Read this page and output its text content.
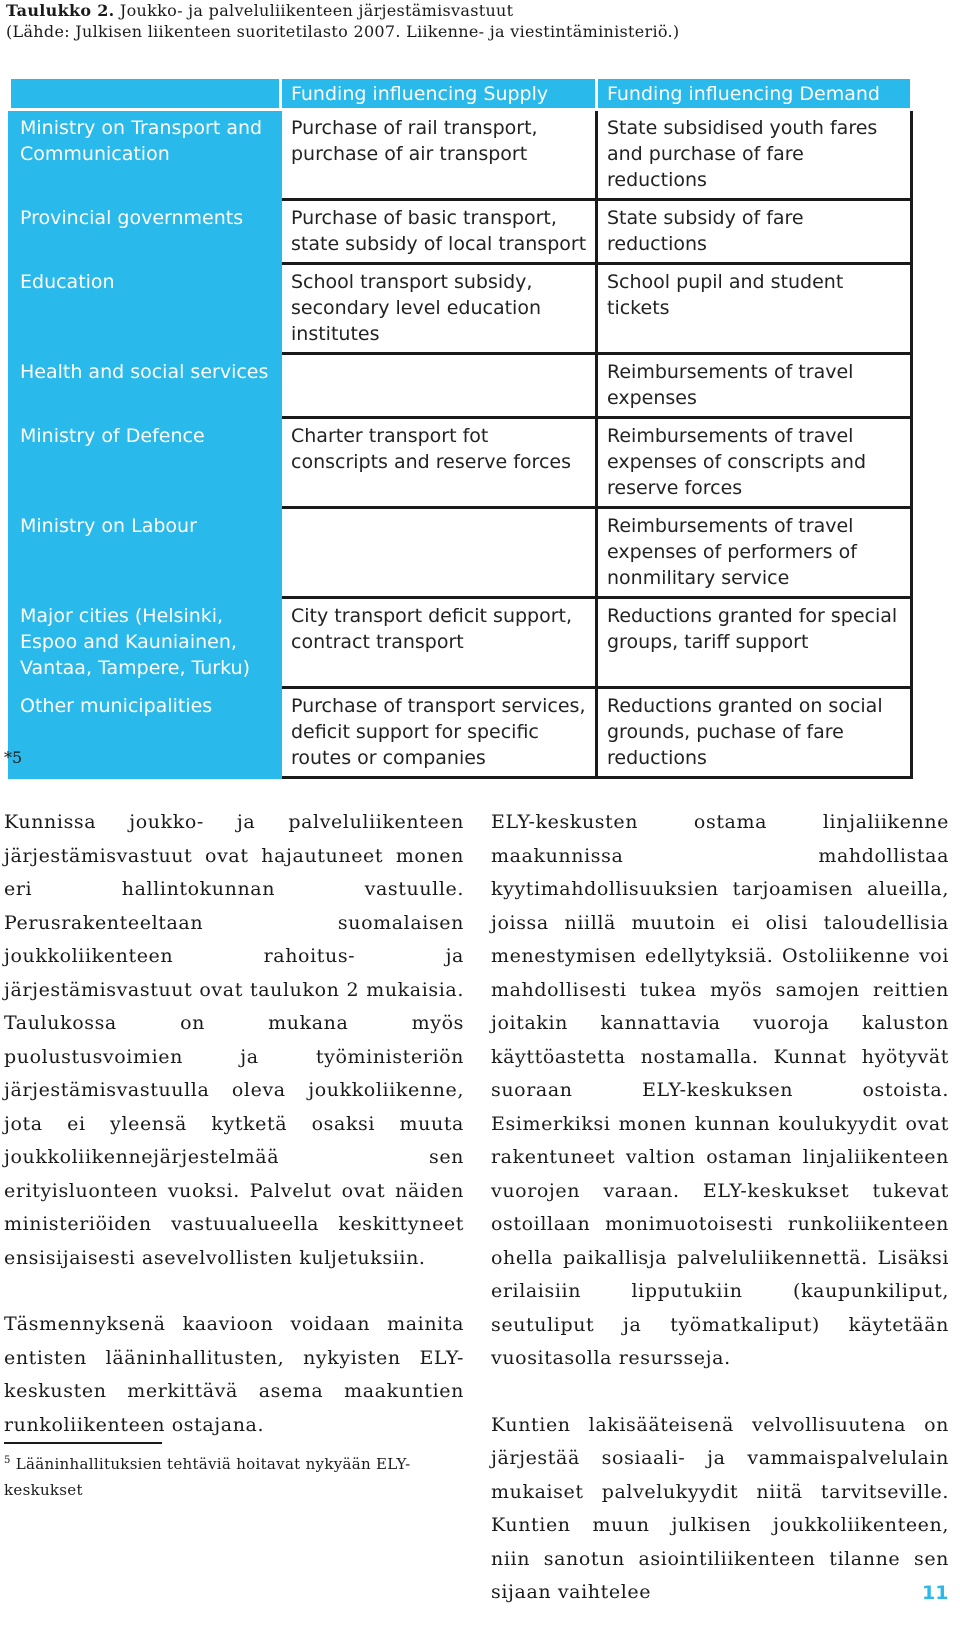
Taulukko 2. Joukko- ja palveluliikenteen järjestämisvastuut
(Lähde: Julkisen liikenteen suoritetilasto 2007. Liikenne- ja viestintäministeriö.)
	Funding influencing Supply	Funding influencing Demand
Ministry on Transport and Communication	Purchase of rail transport, purchase of air transport	State subsidised youth fares and purchase of fare reductions
Provincial governments	Purchase of basic transport, state subsidy of local transport	State subsidy of fare reductions
Education	School transport subsidy, secondary level education institutes	School pupil and student tickets
Health and social services		Reimbursements of travel expenses
Ministry of Defence	Charter transport fot conscripts and reserve forces	Reimbursements of travel expenses of conscripts and reserve forces
Ministry on Labour		Reimbursements of travel expenses of performers of nonmilitary service
Major cities (Helsinki, Espoo and Kauniainen, Vantaa, Tampere, Turku)	City transport deficit support, contract transport	Reductions granted for special groups, tariff support
Other municipalities	Purchase of transport services, deficit support for specific routes or companies	Reductions granted on social grounds, puchase of fare reductions
*5

Kunnissa joukko- ja palveluliikenteen järjestämisvastuut ovat hajautuneet monen eri hallintokunnan vastuulle. Perusrakenteeltaan suomalaisen joukkoliikenteen rahoitus- ja järjestämisvastuut ovat taulukon 2 mukaisia. Taulukossa on mukana myös puolustusvoimien ja työministeriön järjestämisvastuulla oleva joukkoliikenne, jota ei yleensä kytketä osaksi muuta joukkoliikennejärjestelmää sen erityisluonteen vuoksi. Palvelut ovat näiden ministeriöiden vastuualueella keskittyneet ensisijaisesti asevelvollisten kuljetuksiin.

Täsmennyksenä kaavioon voidaan mainita entisten lääninhallitusten, nykyisten ELY-keskusten merkittävä asema maakuntien runkoliikenteen ostajana.

ELY-keskusten ostama linjaliikenne maakunnissa mahdollistaa kyytimahdollisuuksien tarjoamisen alueilla, joissa niillä muutoin ei olisi taloudellisia menestymisen edellytyksiä. Ostoliikenne voi mahdollisesti tukea myös samojen reittien joitakin kannattavia vuoroja kaluston käyttöastetta nostamalla. Kunnat hyötyvät suoraan ELY-keskuksen ostoista. Esimerkiksi monen kunnan koulukyydit ovat rakentuneet valtion ostaman linjaliikenteen vuorojen varaan. ELY-keskukset tukevat ostoillaan monimuotoisesti runkoliikenteen ohella paikallisja palveluliikennettä. Lisäksi erilaisiin lipputukiin (kaupunkiliput, seutuliput ja työmatkaliput) käytetään vuositasolla resursseja.

Kuntien lakisääteisenä velvollisuutena on järjestää sosiaali- ja vammaispalvelulain mukaiset palvelukyydit niitä tarvitseville. Kuntien muun julkisen joukkoliikenteen, niin sanotun asiointiliikenteen tilanne sen sijaan vaihtelee

$^5$ Lääninhallituksien tehtäviä hoitavat nykyään ELY-keskukset
11
